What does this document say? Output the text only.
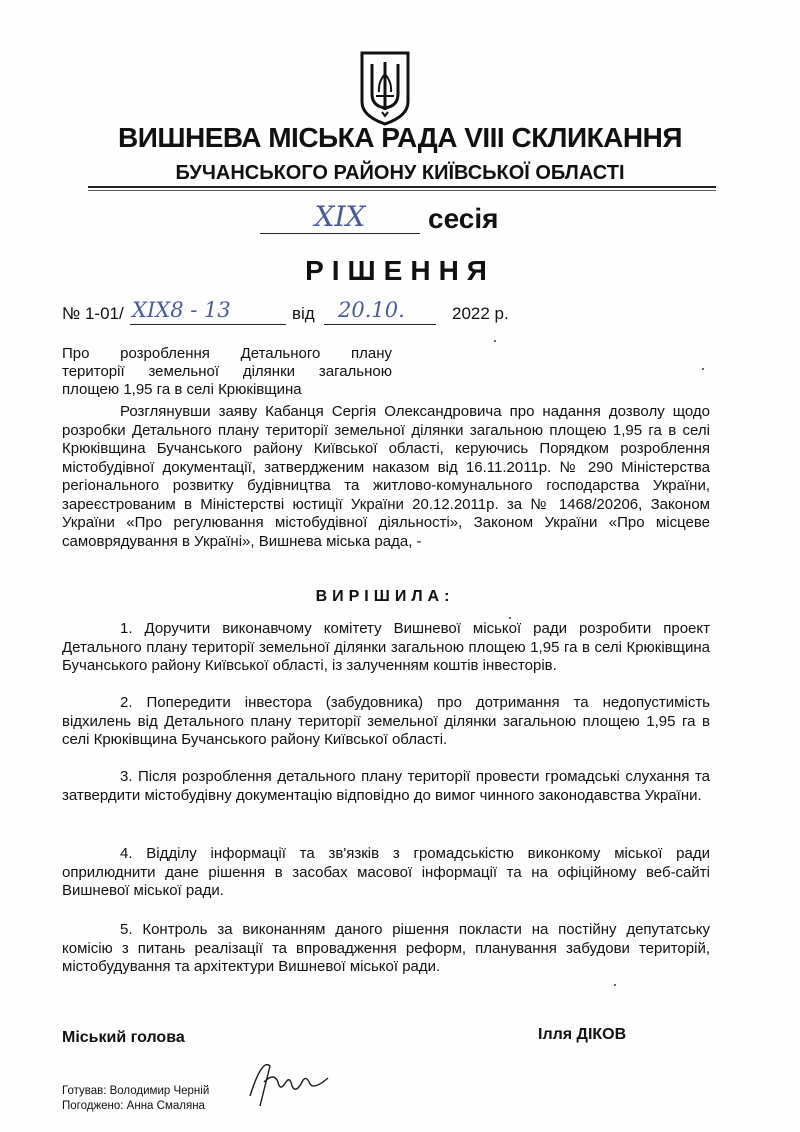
ВИШНЕВА МІСЬКА РАДА VIII СКЛИКАННЯ
БУЧАНСЬКОГО РАЙОНУ КИЇВСЬКОЇ ОБЛАСТІ
XIX	сесія
РІШЕННЯ
№ 1-01/ XIX8 - 13	від 20.10.	2022 р.
Про розроблення Детального плану
території земельної ділянки загальною
площею 1,95 га в селі Крюківщина

Розглянувши заяву Кабанця Сергія Олександровича про надання дозволу щодо розробки Детального плану території земельної ділянки загальною площею 1,95 га в селі Крюківщина Бучанського району Київської області, керуючись Порядком розроблення містобудівної документації, затвердженим наказом від 16.11.2011р. № 290 Міністерства регіонального розвитку будівництва та житлово-комунального господарства України, зареєстрованим в Міністерстві юстиції України 20.12.2011р. за № 1468/20206, Законом України «Про регулювання містобудівної діяльності», Законом України «Про місцеве самоврядування в Україні», Вишнева міська рада, -

ВИРІШИЛА:

1. Доручити виконавчому комітету Вишневої міської ради розробити проект Детального плану території земельної ділянки загальною площею 1,95 га в селі Крюківщина Бучанського району Київської області, із залученням коштів інвесторів.

2. Попередити інвестора (забудовника) про дотримання та недопустимість відхилень від Детального плану території земельної ділянки загальною площею 1,95 га в селі Крюківщина Бучанського району Київської області.

3. Після розроблення детального плану території провести громадські слухання та затвердити містобудівну документацію відповідно до вимог чинного законодавства України.

4. Відділу інформації та зв'язків з громадськістю виконкому міської ради оприлюднити дане рішення в засобах масової інформації та на офіційному веб-сайті Вишневої міської ради.

5. Контроль за виконанням даного рішення покласти на постійну депутатську комісію з питань реалізації та впровадження реформ, планування забудови територій, містобудування та архітектури Вишневої міської ради.

Міський голова	Ілля ДІКОВ
Готував: Володимир Черній
Погоджено: Анна Смаляна
